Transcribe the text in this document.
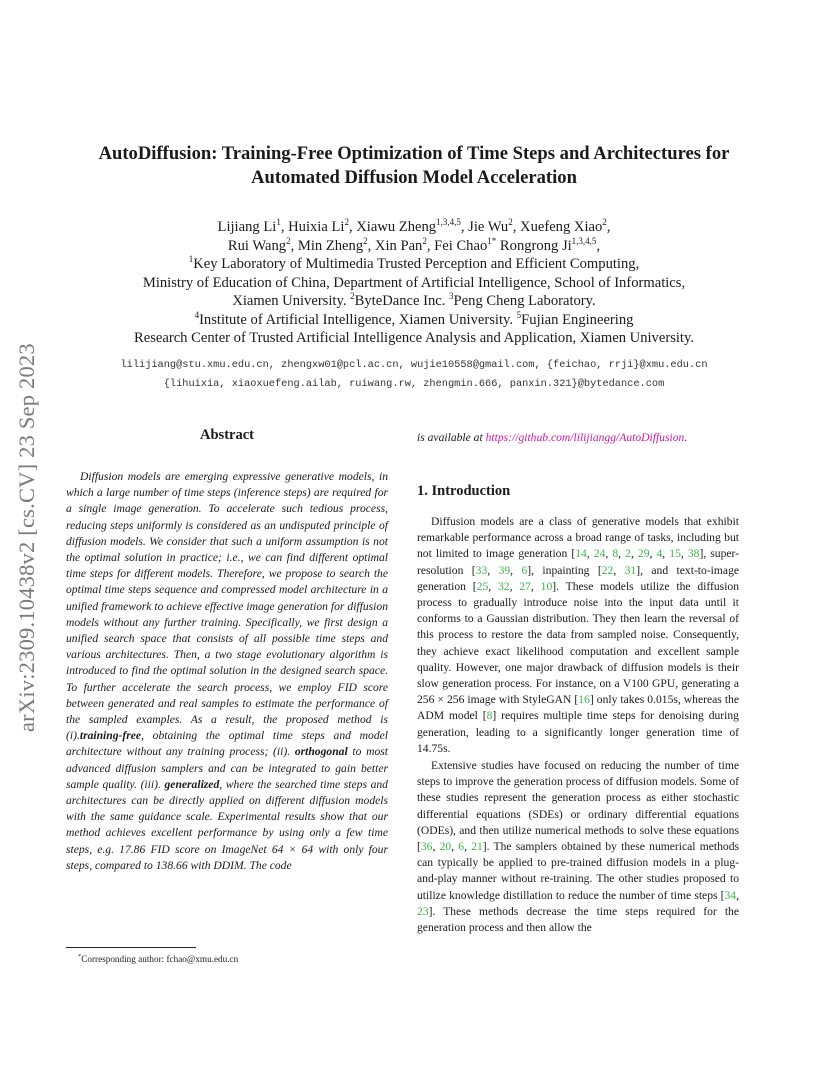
arXiv:2309.10438v2 [cs.CV] 23 Sep 2023
AutoDiffusion: Training-Free Optimization of Time Steps and Architectures for
Automated Diffusion Model Acceleration
Lijiang Li$^1$, Huixia Li$^2$, Xiawu Zheng$^{1,3,4,5}$, Jie Wu$^2$, Xuefeng Xiao$^2$,
Rui Wang$^2$, Min Zheng$^2$, Xin Pan$^2$, Fei Chao$^{1*}$ Rongrong Ji$^{1,3,4,5}$,
$^1$Key Laboratory of Multimedia Trusted Perception and Efficient Computing,
Ministry of Education of China, Department of Artificial Intelligence, School of Informatics,
Xiamen University. $^2$ByteDance Inc. $^3$Peng Cheng Laboratory.
$^4$Institute of Artificial Intelligence, Xiamen University. $^5$Fujian Engineering
Research Center of Trusted Artificial Intelligence Analysis and Application, Xiamen University.
lilijiang@stu.xmu.edu.cn, zhengxw01@pcl.ac.cn, wujie10558@gmail.com, {feichao, rrji}@xmu.edu.cn
{lihuixia, xiaoxuefeng.ailab, ruiwang.rw, zhengmin.666, panxin.321}@bytedance.com
Abstract

Diffusion models are emerging expressive generative models, in which a large number of time steps (inference steps) are required for a single image generation. To accelerate such tedious process, reducing steps uniformly is considered as an undisputed principle of diffusion models. We consider that such a uniform assumption is not the optimal solution in practice; i.e., we can find different optimal time steps for different models. Therefore, we propose to search the optimal time steps sequence and compressed model architecture in a unified framework to achieve effective image generation for diffusion models without any further training. Specifically, we first design a unified search space that consists of all possible time steps and various architectures. Then, a two stage evolutionary algorithm is introduced to find the optimal solution in the designed search space. To further accelerate the search process, we employ FID score between generated and real samples to estimate the performance of the sampled examples. As a result, the proposed method is (i).training-free, obtaining the optimal time steps and model architecture without any training process; (ii). orthogonal to most advanced diffusion samplers and can be integrated to gain better sample quality. (iii). generalized, where the searched time steps and architectures can be directly applied on different diffusion models with the same guidance scale. Experimental results show that our method achieves excellent performance by using only a few time steps, e.g. 17.86 FID score on ImageNet 64 × 64 with only four steps, compared to 138.66 with DDIM. The code

*Corresponding author: fchao@xmu.edu.cn
is available at https://github.com/lilijiangg/AutoDiffusion.
1. Introduction

Diffusion models are a class of generative models that exhibit remarkable performance across a broad range of tasks, including but not limited to image generation [14, 24, 8, 2, 29, 4, 15, 38], super-resolution [33, 39, 6], inpainting [22, 31], and text-to-image generation [25, 32, 27, 10]. These models utilize the diffusion process to gradually introduce noise into the input data until it conforms to a Gaussian distribution. They then learn the reversal of this process to restore the data from sampled noise. Consequently, they achieve exact likelihood computation and excellent sample quality. However, one major drawback of diffusion models is their slow generation process. For instance, on a V100 GPU, generating a 256 × 256 image with StyleGAN [16] only takes 0.015s, whereas the ADM model [8] requires multiple time steps for denoising during generation, leading to a significantly longer generation time of 14.75s.

Extensive studies have focused on reducing the number of time steps to improve the generation process of diffusion models. Some of these studies represent the generation process as either stochastic differential equations (SDEs) or ordinary differential equations (ODEs), and then utilize numerical methods to solve these equations [36, 20, 6, 21]. The samplers obtained by these numerical methods can typically be applied to pre-trained diffusion models in a plug-and-play manner without re-training. The other studies proposed to utilize knowledge distillation to reduce the number of time steps [34, 23]. These methods decrease the time steps required for the generation process and then allow the
